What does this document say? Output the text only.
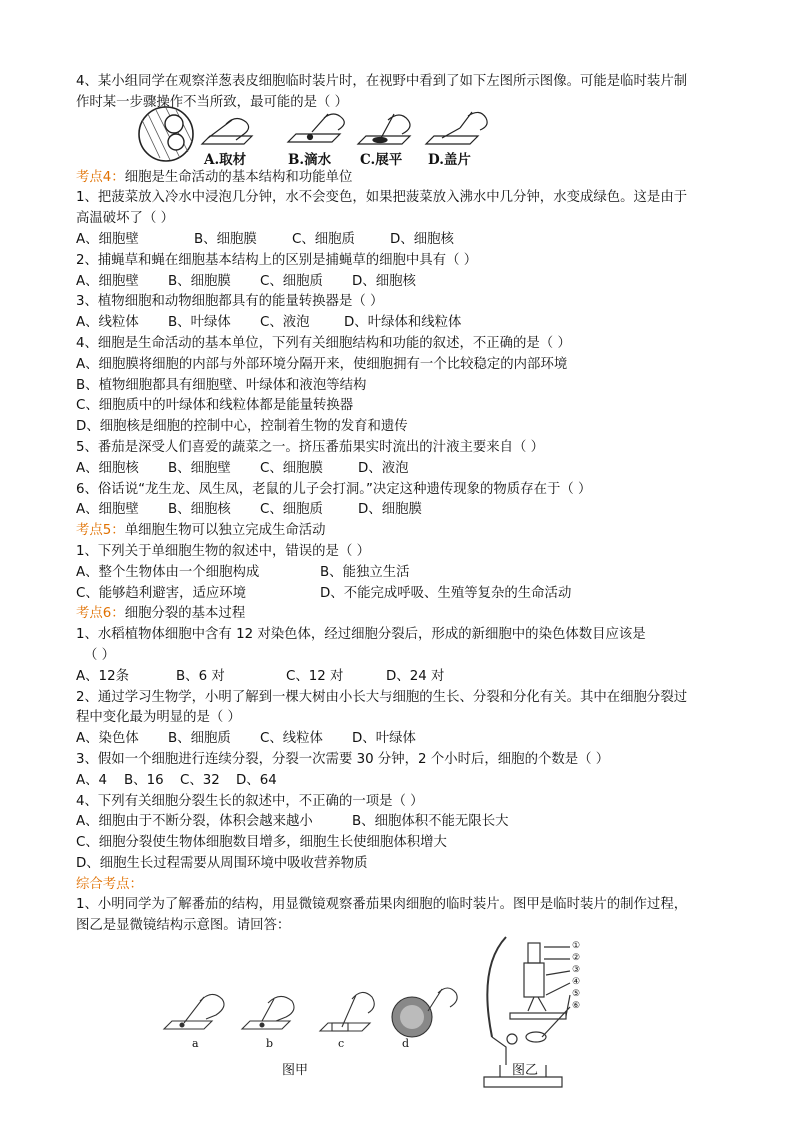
4、某小组同学在观察洋葱表皮细胞临时装片时，在视野中看到了如下左图所示图像。可能是临时装片制
作时某一步骤操作不当所致，最可能的是（ ）
A.取材	B.滴水 C.展平 D.盖片
考点4：细胞是生命活动的基本结构和功能单位
1、把菠菜放入冷水中浸泡几分钟，水不会变色，如果把菠菜放入沸水中几分钟，水变成绿色。这是由于
高温破坏了（ ）
A、细胞壁	B、细胞膜	C、细胞质	D、细胞核
2、捕蝇草和蝇在细胞基本结构上的区别是捕蝇草的细胞中具有（ ）
A、细胞壁	B、细胞膜	C、细胞质	D、细胞核
3、植物细胞和动物细胞都具有的能量转换器是（ ）
A、线粒体	B、叶绿体	C、液泡	D、叶绿体和线粒体
4、细胞是生命活动的基本单位，下列有关细胞结构和功能的叙述，不正确的是（ ）
A、细胞膜将细胞的内部与外部环境分隔开来，使细胞拥有一个比较稳定的内部环境
B、植物细胞都具有细胞壁、叶绿体和液泡等结构
C、细胞质中的叶绿体和线粒体都是能量转换器
D、细胞核是细胞的控制中心，控制着生物的发育和遗传
5、番茄是深受人们喜爱的蔬菜之一。挤压番茄果实时流出的汁液主要来自（ ）
A、细胞核	B、细胞壁	C、细胞膜	D、液泡
6、俗话说“龙生龙、凤生凤，老鼠的儿子会打洞。”决定这种遗传现象的物质存在于（ ）
A、细胞壁	B、细胞核	C、细胞质	D、细胞膜
考点5：单细胞生物可以独立完成生命活动
1、下列关于单细胞生物的叙述中，错误的是（ ）
A、整个生物体由一个细胞构成	B、能独立生活
C、能够趋利避害，适应环境	D、不能完成呼吸、生殖等复杂的生命活动
考点6：细胞分裂的基本过程
1、水稻植物体细胞中含有 12 对染色体，经过细胞分裂后，形成的新细胞中的染色体数目应该是
（ ）
A、12条	B、6 对	C、12 对	D、24 对
2、通过学习生物学，小明了解到一棵大树由小长大与细胞的生长、分裂和分化有关。其中在细胞分裂过
程中变化最为明显的是（ ）
A、染色体	B、细胞质	C、线粒体	D、叶绿体
3、假如一个细胞进行连续分裂，分裂一次需要 30 分钟，2 个小时后，细胞的个数是（ ）
A、4	B、16	C、32	D、64
4、下列有关细胞分裂生长的叙述中，不正确的一项是（ ）
A、细胞由于不断分裂，体积会越来越小	B、细胞体积不能无限长大
C、细胞分裂使生物体细胞数目增多，细胞生长使细胞体积增大
D、细胞生长过程需要从周围环境中吸收营养物质
综合考点：
1、小明同学为了解番茄的结构，用显微镜观察番茄果肉细胞的临时装片。图甲是临时装片的制作过程，
图乙是显微镜结构示意图。请回答：
a	b	c	d
图甲	图乙
①
②
③
④
⑤
⑥
